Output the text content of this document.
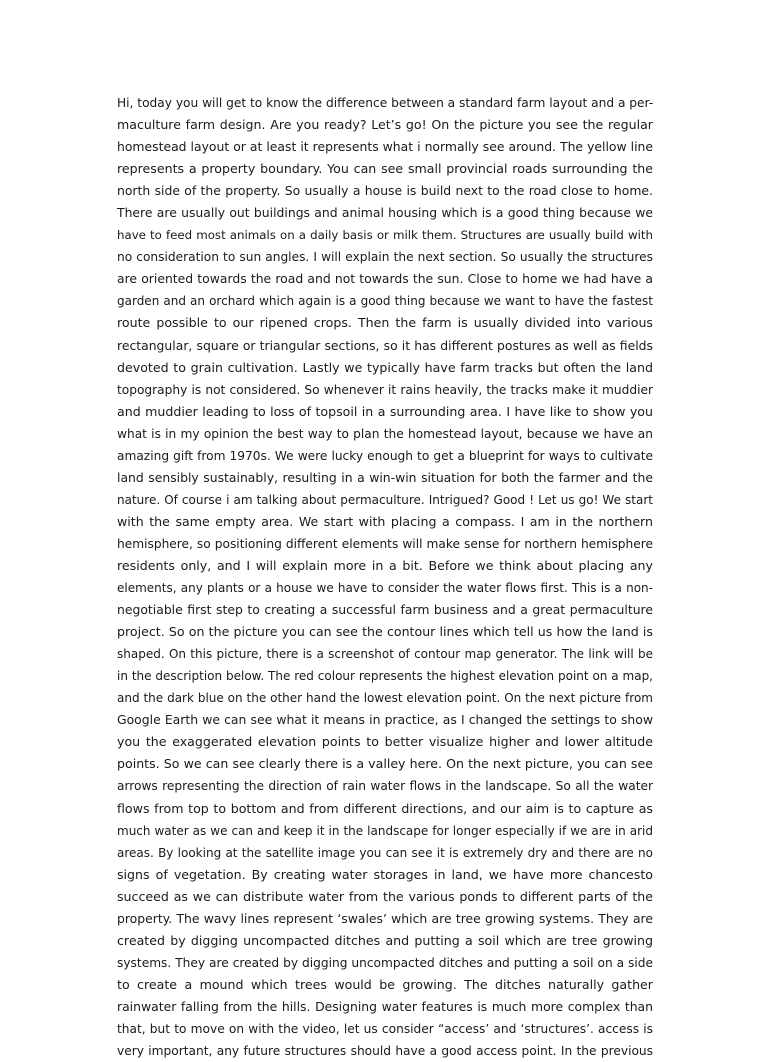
Hi, today you will get to know the difference between a standard farm layout and a per-
maculture farm design. Are you ready? Let’s go! On the picture you see the regular
homestead layout or at least it represents what i normally see around. The yellow line
represents a property boundary. You can see small provincial roads surrounding the
north side of the property. So usually a house is build next to the road close to home.
There are usually out buildings and animal housing which is a good thing because we
have to feed most animals on a daily basis or milk them. Structures are usually build with
no consideration to sun angles. I will explain the next section. So usually the structures
are oriented towards the road and not towards the sun. Close to home we had have a
garden and an orchard which again is a good thing because we want to have the fastest
route possible to our ripened crops. Then the farm is usually divided into various
rectangular, square or triangular sections, so it has different postures as well as fields
devoted to grain cultivation. Lastly we typically have farm tracks but often the land
topography is not considered. So whenever it rains heavily, the tracks make it muddier
and muddier leading to loss of topsoil in a surrounding area. I have like to show you
what is in my opinion the best way to plan the homestead layout, because we have an
amazing gift from 1970s. We were lucky enough to get a blueprint for ways to cultivate
land sensibly sustainably, resulting in a win-win situation for both the farmer and the
nature. Of course i am talking about permaculture. Intrigued? Good ! Let us go! We start
with the same empty area. We start with placing a compass. I am in the northern
hemisphere, so positioning different elements will make sense for northern hemisphere
residents only, and I will explain more in a bit. Before we think about placing any
elements, any plants or a house we have to consider the water flows first. This is a non-
negotiable first step to creating a successful farm business and a great permaculture
project. So on the picture you can see the contour lines which tell us how the land is
shaped. On this picture, there is a screenshot of contour map generator. The link will be
in the description below. The red colour represents the highest elevation point on a map,
and the dark blue on the other hand the lowest elevation point. On the next picture from
Google Earth we can see what it means in practice, as I changed the settings to show
you the exaggerated elevation points to better visualize higher and lower altitude
points. So we can see clearly there is a valley here. On the next picture, you can see
arrows representing the direction of rain water flows in the landscape. So all the water
flows from top to bottom and from different directions, and our aim is to capture as
much water as we can and keep it in the landscape for longer especially if we are in arid
areas. By looking at the satellite image you can see it is extremely dry and there are no
signs of vegetation. By creating water storages in land, we have more chancesto
succeed as we can distribute water from the various ponds to different parts of the
property. The wavy lines represent ‘swales’ which are tree growing systems. They are
created by digging uncompacted ditches and putting a soil which are tree growing
systems. They are created by digging uncompacted ditches and putting a soil on a side
to create a mound which trees would be growing. The ditches naturally gather
rainwater falling from the hills. Designing water features is much more complex than
that, but to move on with the video, let us consider “access’ and ‘structures’. access is
very important, any future structures should have a good access point. In the previous
